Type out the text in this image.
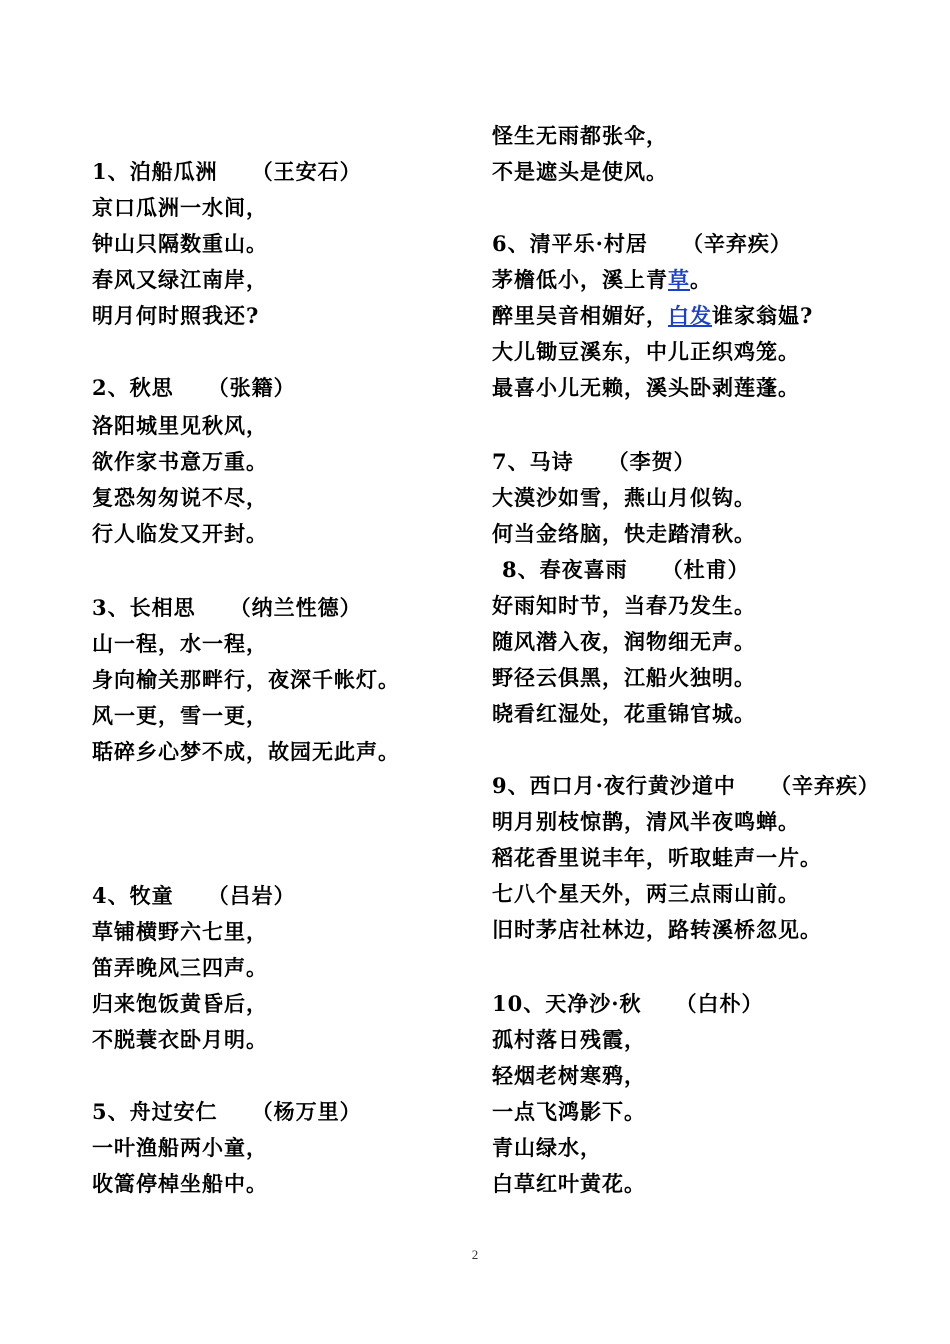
1、泊船瓜洲 （王安石）
京口瓜洲一水间，
钟山只隔数重山。
春风又绿江南岸，
明月何时照我还?
2、秋思 （张籍）
洛阳城里见秋风，
欲作家书意万重。
复恐匆匆说不尽，
行人临发又开封。
3、长相思 （纳兰性德）
山一程，水一程，
身向榆关那畔行，夜深千帐灯。
风一更，雪一更，
聒碎乡心梦不成，故园无此声。
4、牧童 （吕岩）
草铺横野六七里，
笛弄晚风三四声。
归来饱饭黄昏后，
不脱蓑衣卧月明。
5、舟过安仁 （杨万里）
一叶渔船两小童，
收篙停棹坐船中。
怪生无雨都张伞，
不是遮头是使风。
6、清平乐·村居 （辛弃疾）
茅檐低小，溪上青草。
醉里吴音相媚好，白发谁家翁媪?
大儿锄豆溪东，中儿正织鸡笼。
最喜小儿无赖，溪头卧剥莲蓬。
7、马诗 （李贺）
大漠沙如雪，燕山月似钩。
何当金络脑，快走踏清秋。
8、春夜喜雨 （杜甫）
好雨知时节，当春乃发生。
随风潜入夜，润物细无声。
野径云俱黑，江船火独明。
晓看红湿处，花重锦官城。
9、西口月·夜行黄沙道中 （辛弃疾）
明月别枝惊鹊，清风半夜鸣蝉。
稻花香里说丰年，听取蛙声一片。
七八个星天外，两三点雨山前。
旧时茅店社林边，路转溪桥忽见。
10、天净沙·秋 （白朴）
孤村落日残霞，
轻烟老树寒鸦，
一点飞鸿影下。
青山绿水，
白草红叶黄花。
2
